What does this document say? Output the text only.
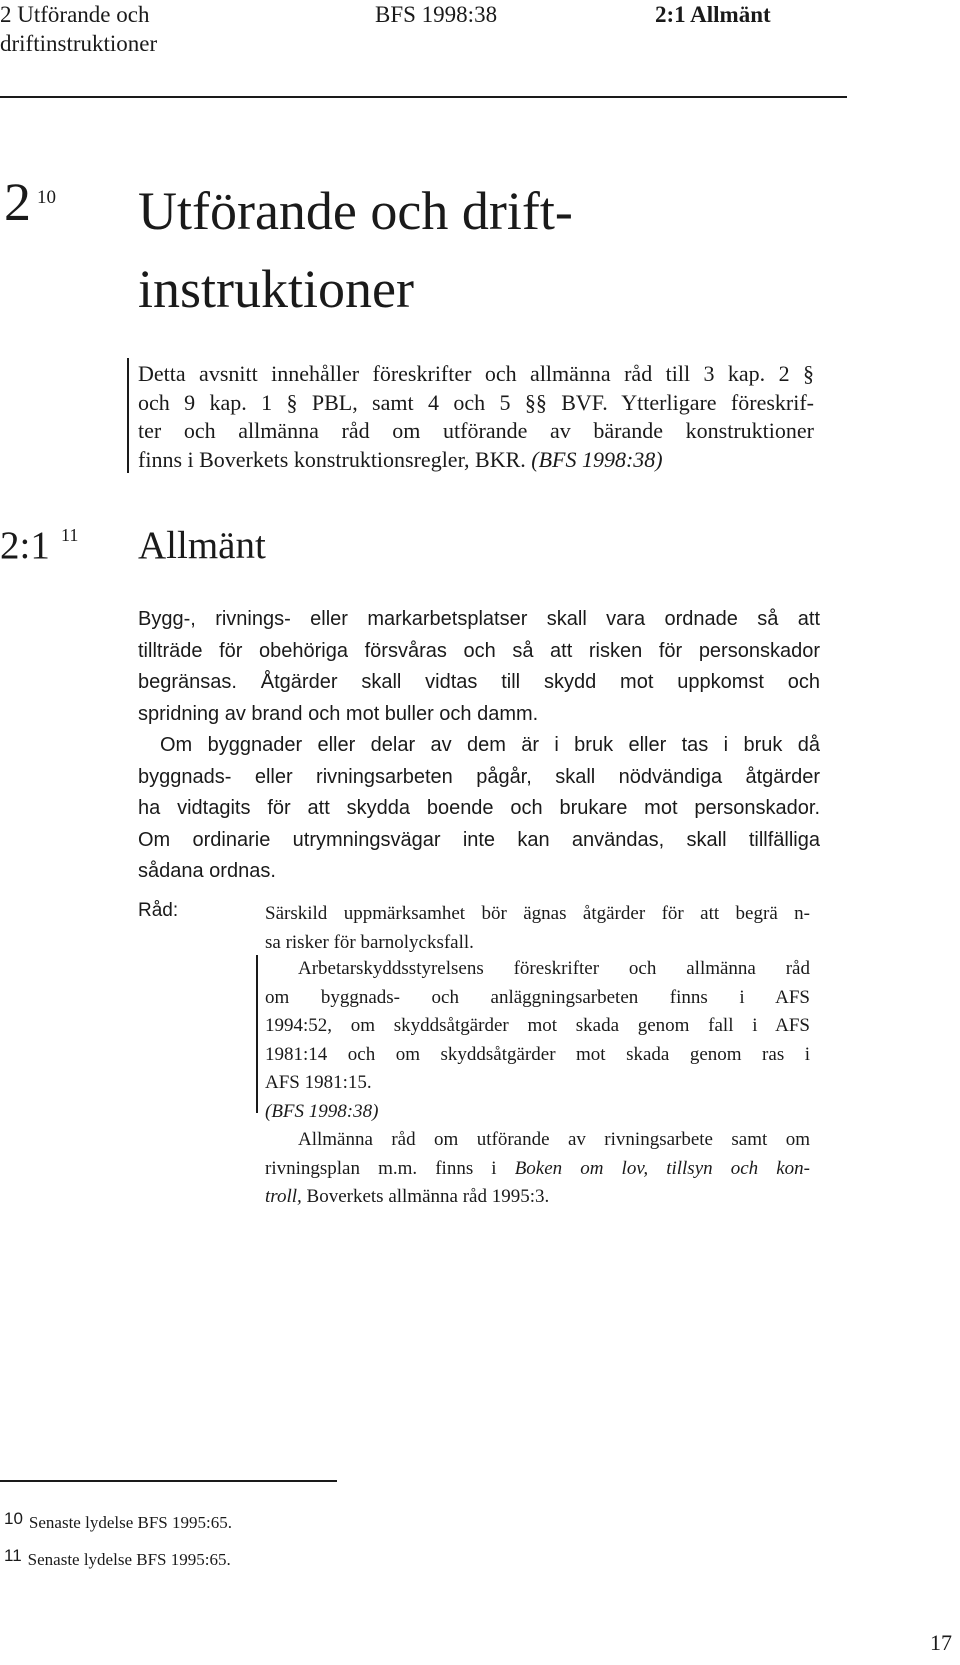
2 Utförande och
driftinstruktioner
BFS 1998:38	2:1 Allmänt
2 10 Utförande och drift-
instruktioner
Detta avsnitt innehåller föreskrifter och allmänna råd till 3 kap. 2 §
och 9 kap. 1 § PBL, samt 4 och 5 §§ BVF. Ytterligare föreskrif-
ter och allmänna råd om utförande av bärande konstruktioner
finns i Boverkets konstruktionsregler, BKR. (BFS 1998:38)
2:1 11 Allmänt
Bygg-, rivnings- eller markarbetsplatser skall vara ordnade så att
tillträde för obehöriga försvåras och så att risken för personskador
begränsas. Åtgärder skall vidtas till skydd mot uppkomst och
spridning av brand och mot buller och damm.
Om byggnader eller delar av dem är i bruk eller tas i bruk då
byggnads- eller rivningsarbeten pågår, skall nödvändiga åtgärder
ha vidtagits för att skydda boende och brukare mot personskador.
Om ordinarie utrymningsvägar inte kan användas, skall tillfälliga
sådana ordnas.
Råd:	Särskild uppmärksamhet bör ägnas åtgärder för att begrä n-
sa risker för barnolycksfall.
Arbetarskyddsstyrelsens föreskrifter och allmänna råd
om byggnads- och anläggningsarbeten finns i AFS
1994:52, om skyddsåtgärder mot skada genom fall i AFS
1981:14 och om skyddsåtgärder mot skada genom ras i
AFS 1981:15.
(BFS 1998:38)
Allmänna råd om utförande av rivningsarbete samt om
rivningsplan m.m. finns i Boken om lov, tillsyn och kon-
troll, Boverkets allmänna råd 1995:3.
10 Senaste lydelse BFS 1995:65.
11 Senaste lydelse BFS 1995:65.
17
